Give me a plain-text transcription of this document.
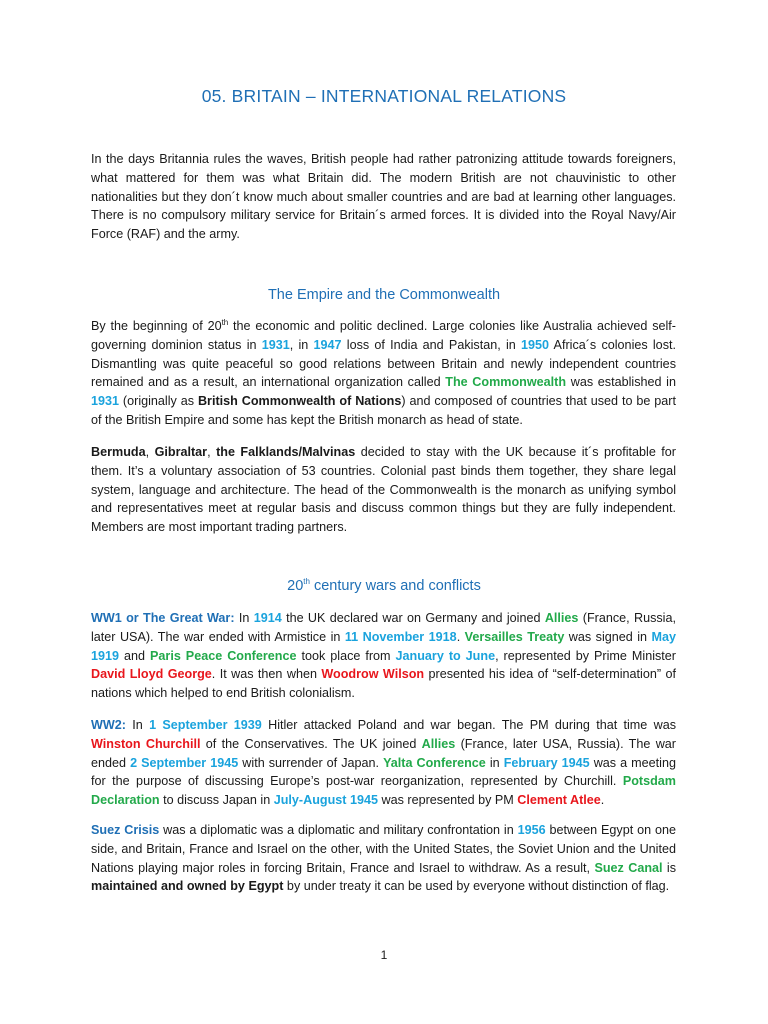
05. BRITAIN – INTERNATIONAL RELATIONS

In the days Britannia rules the waves, British people had rather patronizing attitude towards foreigners, what mattered for them was what Britain did. The modern British are not chauvinistic to other nationalities but they don´t know much about smaller countries and are bad at learning other languages. There is no compulsory military service for Britain´s armed forces. It is divided into the Royal Navy/Air Force (RAF) and the army.

The Empire and the Commonwealth

By the beginning of 20th the economic and politic declined. Large colonies like Australia achieved self-governing dominion status in 1931, in 1947 loss of India and Pakistan, in 1950 Africa´s colonies lost. Dismantling was quite peaceful so good relations between Britain and newly independent countries remained and as a result, an international organization called The Commonwealth was established in 1931 (originally as British Commonwealth of Nations) and composed of countries that used to be part of the British Empire and some has kept the British monarch as head of state.

Bermuda, Gibraltar, the Falklands/Malvinas decided to stay with the UK because it´s profitable for them. It’s a voluntary association of 53 countries. Colonial past binds them together, they share legal system, language and architecture. The head of the Commonwealth is the monarch as unifying symbol and representatives meet at regular basis and discuss common things but they are fully independent. Members are most important trading partners.

20th century wars and conflicts

WW1 or The Great War: In 1914 the UK declared war on Germany and joined Allies (France, Russia, later USA). The war ended with Armistice in 11 November 1918. Versailles Treaty was signed in May 1919 and Paris Peace Conference took place from January to June, represented by Prime Minister David Lloyd George. It was then when Woodrow Wilson presented his idea of “self-determination” of nations which helped to end British colonialism.

WW2: In 1 September 1939 Hitler attacked Poland and war began. The PM during that time was Winston Churchill of the Conservatives. The UK joined Allies (France, later USA, Russia). The war ended 2 September 1945 with surrender of Japan. Yalta Conference in February 1945 was a meeting for the purpose of discussing Europe’s post-war reorganization, represented by Churchill. Potsdam Declaration to discuss Japan in July-August 1945 was represented by PM Clement Atlee.

Suez Crisis was a diplomatic was a diplomatic and military confrontation in 1956 between Egypt on one side, and Britain, France and Israel on the other, with the United States, the Soviet Union and the United Nations playing major roles in forcing Britain, France and Israel to withdraw. As a result, Suez Canal is maintained and owned by Egypt by under treaty it can be used by everyone without distinction of flag.

1
